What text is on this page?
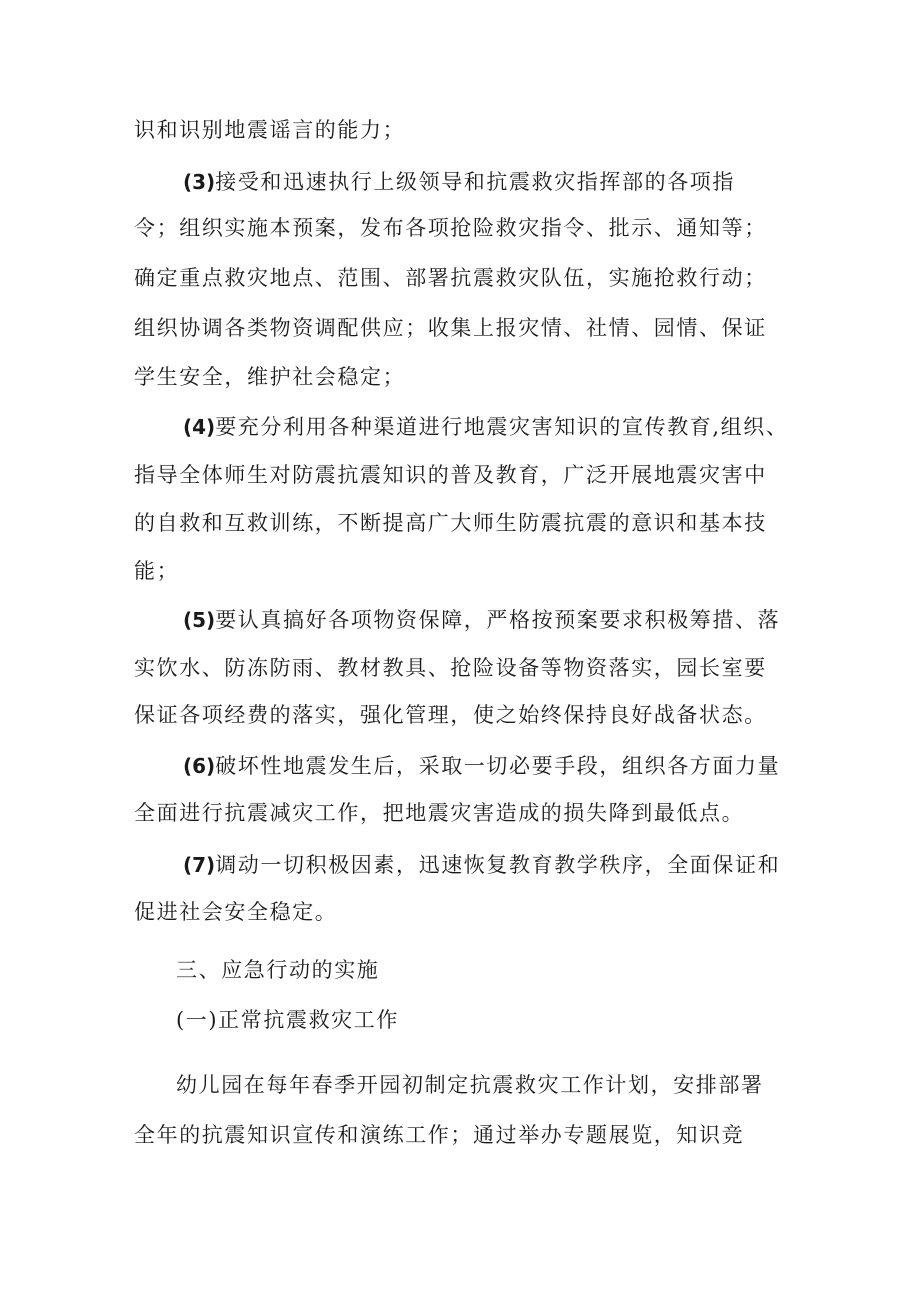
识和识别地震谣言的能力；
(3)接受和迅速执行上级领导和抗震救灾指挥部的各项指
令；组织实施本预案，发布各项抢险救灾指令、批示、通知等；
确定重点救灾地点、范围、部署抗震救灾队伍，实施抢救行动；
组织协调各类物资调配供应；收集上报灾情、社情、园情、保证
学生安全，维护社会稳定；
(4)要充分利用各种渠道进行地震灾害知识的宣传教育,组织、
指导全体师生对防震抗震知识的普及教育，广泛开展地震灾害中
的自救和互救训练，不断提高广大师生防震抗震的意识和基本技
能；
(5)要认真搞好各项物资保障，严格按预案要求积极筹措、落
实饮水、防冻防雨、教材教具、抢险设备等物资落实，园长室要
保证各项经费的落实，强化管理，使之始终保持良好战备状态。
(6)破坏性地震发生后，采取一切必要手段，组织各方面力量
全面进行抗震减灾工作，把地震灾害造成的损失降到最低点。
(7)调动一切积极因素，迅速恢复教育教学秩序，全面保证和
促进社会安全稳定。
三、应急行动的实施
(一)正常抗震救灾工作
幼儿园在每年春季开园初制定抗震救灾工作计划，安排部署
全年的抗震知识宣传和演练工作；通过举办专题展览，知识竞
